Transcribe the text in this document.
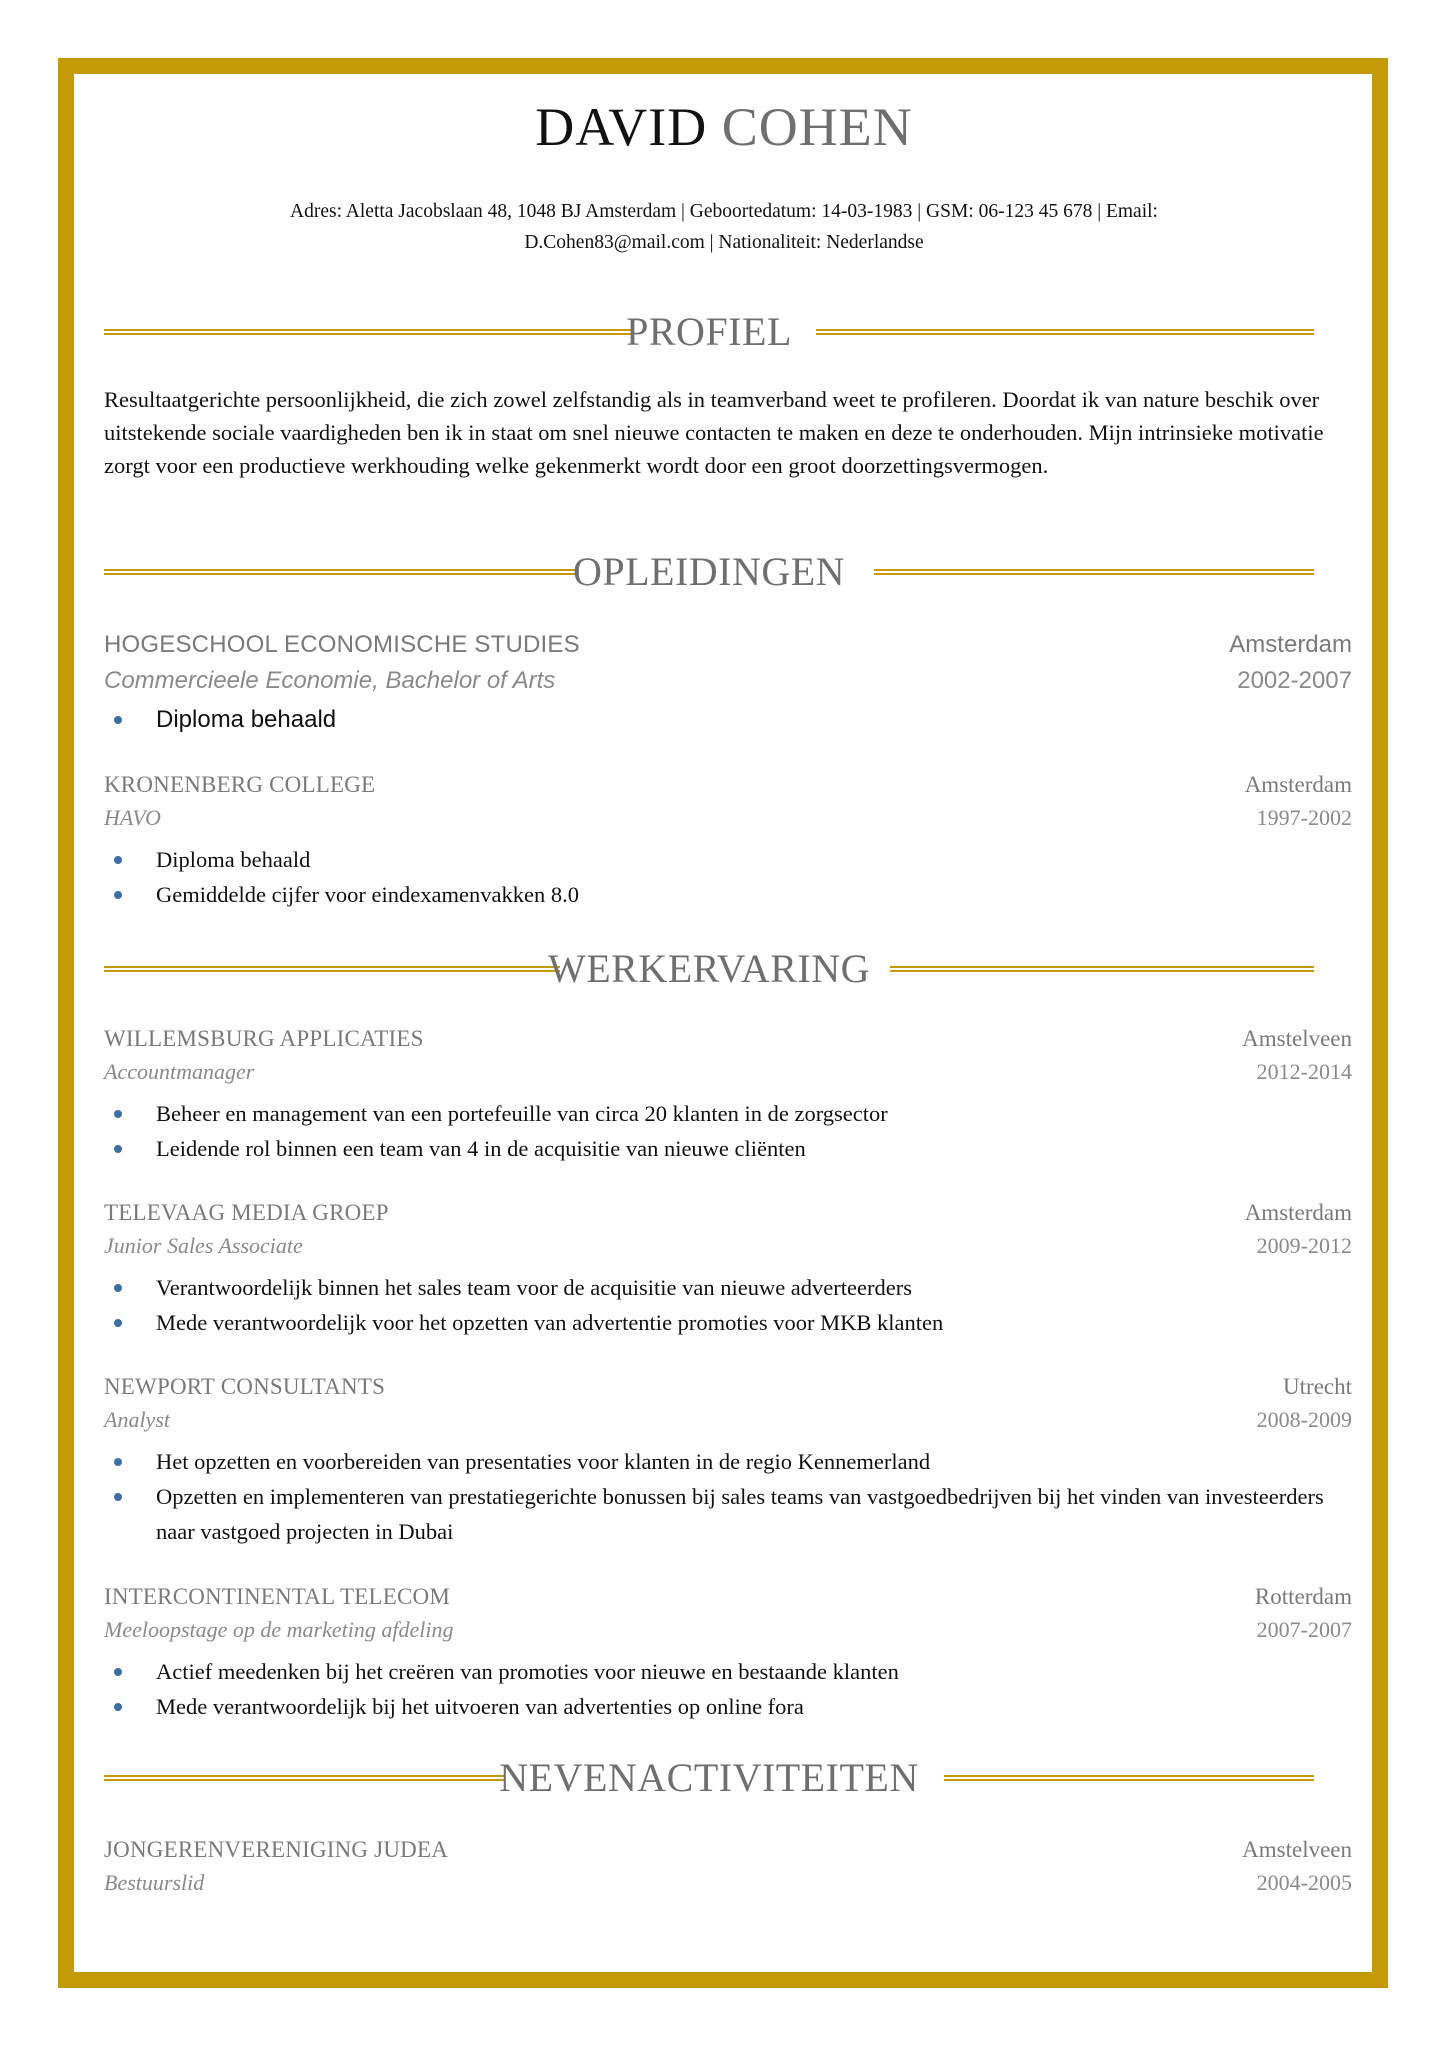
DAVID COHEN
Adres: Aletta Jacobslaan 48, 1048 BJ Amsterdam | Geboortedatum: 14-03-1983 | GSM: 06-123 45 678 | Email:
D.Cohen83@mail.com | Nationaliteit: Nederlandse
PROFIEL
Resultaatgerichte persoonlijkheid, die zich zowel zelfstandig als in teamverband weet te profileren. Doordat ik van nature beschik over uitstekende sociale vaardigheden ben ik in staat om snel nieuwe contacten te maken en deze te onderhouden. Mijn intrinsieke motivatie zorgt voor een productieve werkhouding welke gekenmerkt wordt door een groot doorzettingsvermogen.
OPLEIDINGEN
HOGESCHOOL ECONOMISCHE STUDIES	Amsterdam
Commercieele Economie, Bachelor of Arts	2002-2007
Diploma behaald
KRONENBERG COLLEGE	Amsterdam
HAVO	1997-2002
Diploma behaald
Gemiddelde cijfer voor eindexamenvakken 8.0
WERKERVARING
WILLEMSBURG APPLICATIES	Amstelveen
Accountmanager	2012-2014
Beheer en management van een portefeuille van circa 20 klanten in de zorgsector
Leidende rol binnen een team van 4 in de acquisitie van nieuwe cliënten
TELEVAAG MEDIA GROEP	Amsterdam
Junior Sales Associate	2009-2012
Verantwoordelijk binnen het sales team voor de acquisitie van nieuwe adverteerders
Mede verantwoordelijk voor het opzetten van advertentie promoties voor MKB klanten
NEWPORT CONSULTANTS	Utrecht
Analyst	2008-2009
Het opzetten en voorbereiden van presentaties voor klanten in de regio Kennemerland
Opzetten en implementeren van prestatiegerichte bonussen bij sales teams van vastgoedbedrijven bij het vinden van investeerders naar vastgoed projecten in Dubai
INTERCONTINENTAL TELECOM	Rotterdam
Meeloopstage op de marketing afdeling	2007-2007
Actief meedenken bij het creëren van promoties voor nieuwe en bestaande klanten
Mede verantwoordelijk bij het uitvoeren van advertenties op online fora
NEVENACTIVITEITEN
JONGERENVERENIGING JUDEA	Amstelveen
Bestuurslid	2004-2005
